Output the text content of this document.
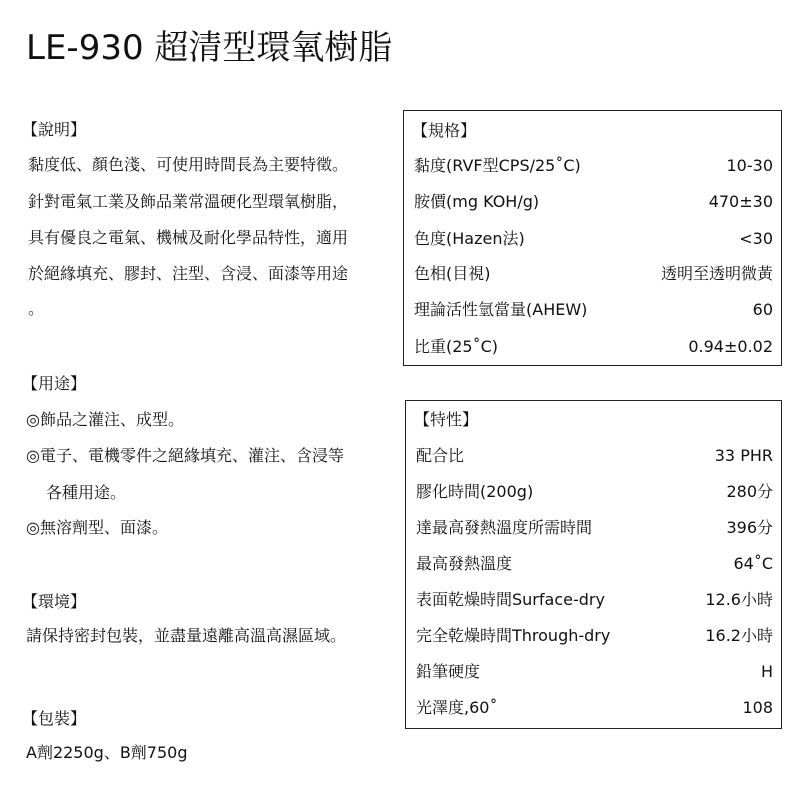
LE-930 超清型環氧樹脂
【說明】
黏度低、顏色淺、可使用時間長為主要特徵。
針對電氣工業及飾品業常溫硬化型環氧樹脂，
具有優良之電氣、機械及耐化學品特性，適用
於絕緣填充、膠封、注型、含浸、面漆等用途
。
【用途】
◎飾品之灌注、成型。
◎電子、電機零件之絕緣填充、灌注、含浸等
各種用途。
◎無溶劑型、面漆。
【環境】
請保持密封包裝，並盡量遠離高溫高濕區域。
【包裝】
A劑2250g、B劑750g
【規格】
黏度(RVF型CPS/25˚C)	10-30
胺價(mg KOH/g)	470±30
色度(Hazen法)	<30
色相(目視)	透明至透明微黃
理論活性氫當量(AHEW)	60
比重(25˚C)	0.94±0.02
【特性】
配合比	33 PHR
膠化時間(200g)	280分
達最高發熱溫度所需時間	396分
最高發熱溫度	64˚C
表面乾燥時間Surface-dry	12.6小時
完全乾燥時間Through-dry	16.2小時
鉛筆硬度	H
光澤度,60˚	108
